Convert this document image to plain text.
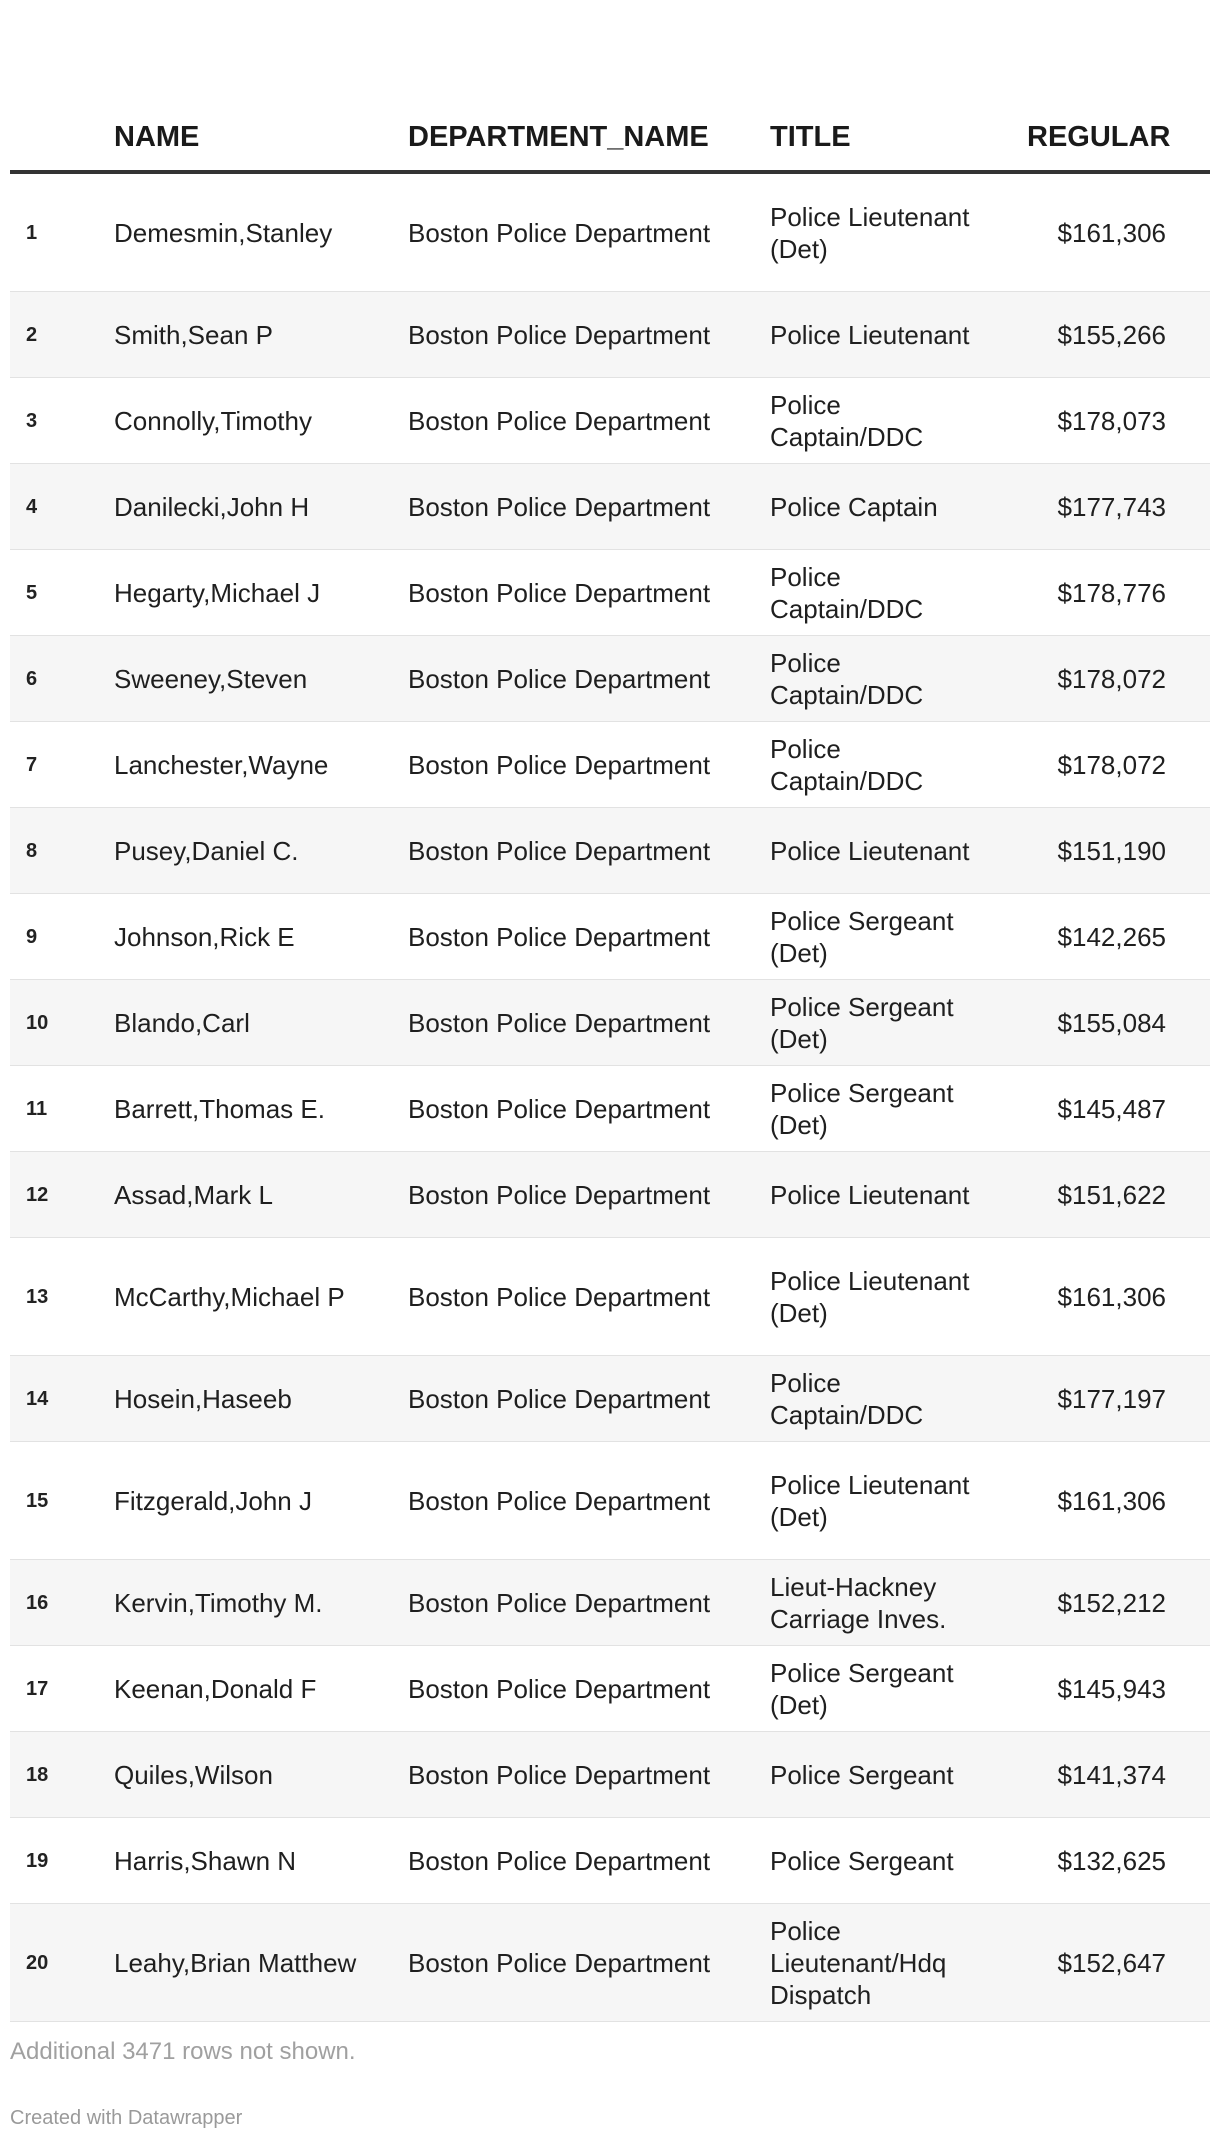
	NAME	DEPARTMENT_NAME	TITLE	REGULAR
1	Demesmin,Stanley	Boston Police Department	Police Lieutenant (Det)	$161,306
2	Smith,Sean P	Boston Police Department	Police Lieutenant	$155,266
3	Connolly,Timothy	Boston Police Department	Police Captain/DDC	$178,073
4	Danilecki,John H	Boston Police Department	Police Captain	$177,743
5	Hegarty,Michael J	Boston Police Department	Police Captain/DDC	$178,776
6	Sweeney,Steven	Boston Police Department	Police Captain/DDC	$178,072
7	Lanchester,Wayne	Boston Police Department	Police Captain/DDC	$178,072
8	Pusey,Daniel C.	Boston Police Department	Police Lieutenant	$151,190
9	Johnson,Rick E	Boston Police Department	Police Sergeant (Det)	$142,265
10	Blando,Carl	Boston Police Department	Police Sergeant (Det)	$155,084
11	Barrett,Thomas E.	Boston Police Department	Police Sergeant (Det)	$145,487
12	Assad,Mark L	Boston Police Department	Police Lieutenant	$151,622
13	McCarthy,Michael P	Boston Police Department	Police Lieutenant (Det)	$161,306
14	Hosein,Haseeb	Boston Police Department	Police Captain/DDC	$177,197
15	Fitzgerald,John J	Boston Police Department	Police Lieutenant (Det)	$161,306
16	Kervin,Timothy M.	Boston Police Department	Lieut-Hackney Carriage Inves.	$152,212
17	Keenan,Donald F	Boston Police Department	Police Sergeant (Det)	$145,943
18	Quiles,Wilson	Boston Police Department	Police Sergeant	$141,374
19	Harris,Shawn N	Boston Police Department	Police Sergeant	$132,625
20	Leahy,Brian Matthew	Boston Police Department	Police Lieutenant/Hdq Dispatch	$152,647
Additional 3471 rows not shown.
Created with Datawrapper
